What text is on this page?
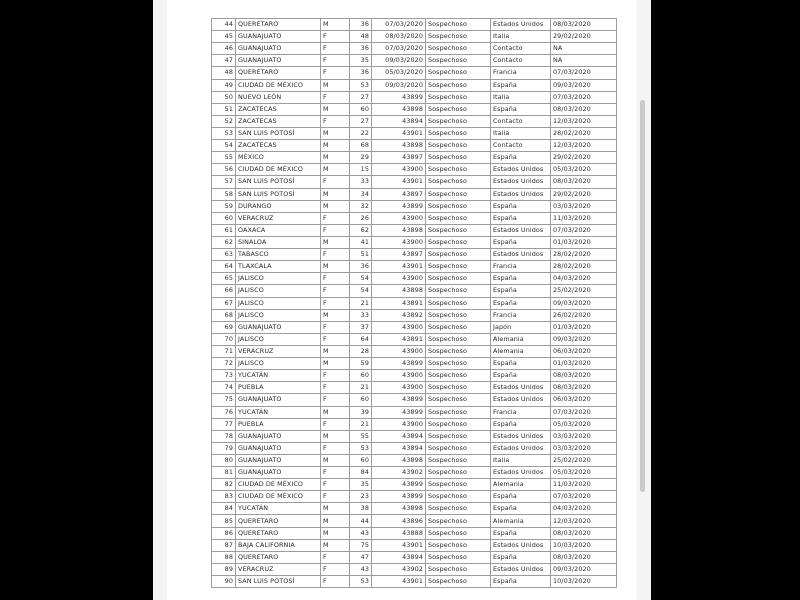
44	QUERETARO	M	36	07/03/2020	Sospechoso	Estados Unidos	08/03/2020
45	GUANAJUATO	F	48	08/03/2020	Sospechoso	Italia	29/02/2020
46	GUANAJUATO	F	36	07/03/2020	Sospechoso	Contacto	NA
47	GUANAJUATO	F	35	09/03/2020	Sospechoso	Contacto	NA
48	QUERETARO	F	36	05/03/2020	Sospechoso	Francia	07/03/2020
49	CIUDAD DE MÉXICO	M	53	09/03/2020	Sospechoso	España	09/03/2020
50	NUEVO LEÓN	F	27	43899	Sospechoso	Italia	07/03/2020
51	ZACATECAS	M	60	43898	Sospechoso	España	08/03/2020
52	ZACATECAS	F	27	43894	Sospechoso	Contacto	12/03/2020
53	SAN LUIS POTOSÍ	M	22	43901	Sospechoso	Italia	28/02/2020
54	ZACATECAS	M	68	43898	Sospechoso	Contacto	12/03/2020
55	MÉXICO	M	29	43897	Sospechoso	España	29/02/2020
56	CIUDAD DE MÉXICO	M	15	43900	Sospechoso	Estados Unidos	05/03/2020
57	SAN LUIS POTOSÍ	F	33	43901	Sospechoso	Estados Unidos	08/03/2020
58	SAN LUIS POTOSÍ	M	34	43897	Sospechoso	Estados Unidos	29/02/2020
59	DURANGO	M	32	43899	Sospechoso	España	03/03/2020
60	VERACRUZ	F	26	43900	Sospechoso	España	11/03/2020
61	OAXACA	F	62	43898	Sospechoso	Estados Unidos	07/03/2020
62	SINALOA	M	41	43900	Sospechoso	España	01/03/2020
63	TABASCO	F	51	43897	Sospechoso	Estados Unidos	28/02/2020
64	TLAXCALA	M	36	43901	Sospechoso	Francia	28/02/2020
65	JALISCO	F	54	43900	Sospechoso	España	04/03/2020
66	JALISCO	F	54	43898	Sospechoso	España	25/02/2020
67	JALISCO	F	21	43891	Sospechoso	España	09/03/2020
68	JALISCO	M	33	43892	Sospechoso	Francia	26/02/2020
69	GUANAJUATO	F	37	43900	Sospechoso	Japón	01/03/2020
70	JALISCO	F	64	43891	Sospechoso	Alemania	09/03/2020
71	VERACRUZ	M	28	43900	Sospechoso	Alemania	06/03/2020
72	JALISCO	M	59	43899	Sospechoso	España	01/03/2020
73	YUCATÁN	F	60	43900	Sospechoso	España	08/03/2020
74	PUEBLA	F	21	43900	Sospechoso	Estados Unidos	08/03/2020
75	GUANAJUATO	F	60	43899	Sospechoso	Estados Unidos	06/03/2020
76	YUCATÁN	M	39	43899	Sospechoso	Francia	07/03/2020
77	PUEBLA	F	21	43900	Sospechoso	España	05/03/2020
78	GUANAJUATO	M	55	43894	Sospechoso	Estados Unidos	03/03/2020
79	GUANAJUATO	F	53	43894	Sospechoso	Estados Unidos	03/03/2020
80	GUANAJUATO	M	60	43898	Sospechoso	Italia	25/02/2020
81	GUANAJUATO	F	84	43902	Sospechoso	Estados Unidos	05/03/2020
82	CIUDAD DE MÉXICO	F	35	43899	Sospechoso	Alemania	11/03/2020
83	CIUDAD DE MÉXICO	F	23	43899	Sospechoso	España	07/03/2020
84	YUCATÁN	M	38	43898	Sospechoso	España	04/03/2020
85	QUERETARO	M	44	43896	Sospechoso	Alemania	12/03/2020
86	QUERETARO	M	43	43888	Sospechoso	España	08/03/2020
87	BAJA CALIFORNIA	M	75	43901	Sospechoso	Estados Unidos	10/03/2020
88	QUERETARO	F	47	43894	Sospechoso	España	08/03/2020
89	VERACRUZ	F	43	43902	Sospechoso	Estados Unidos	09/03/2020
90	SAN LUIS POTOSÍ	F	53	43901	Sospechoso	España	10/03/2020
